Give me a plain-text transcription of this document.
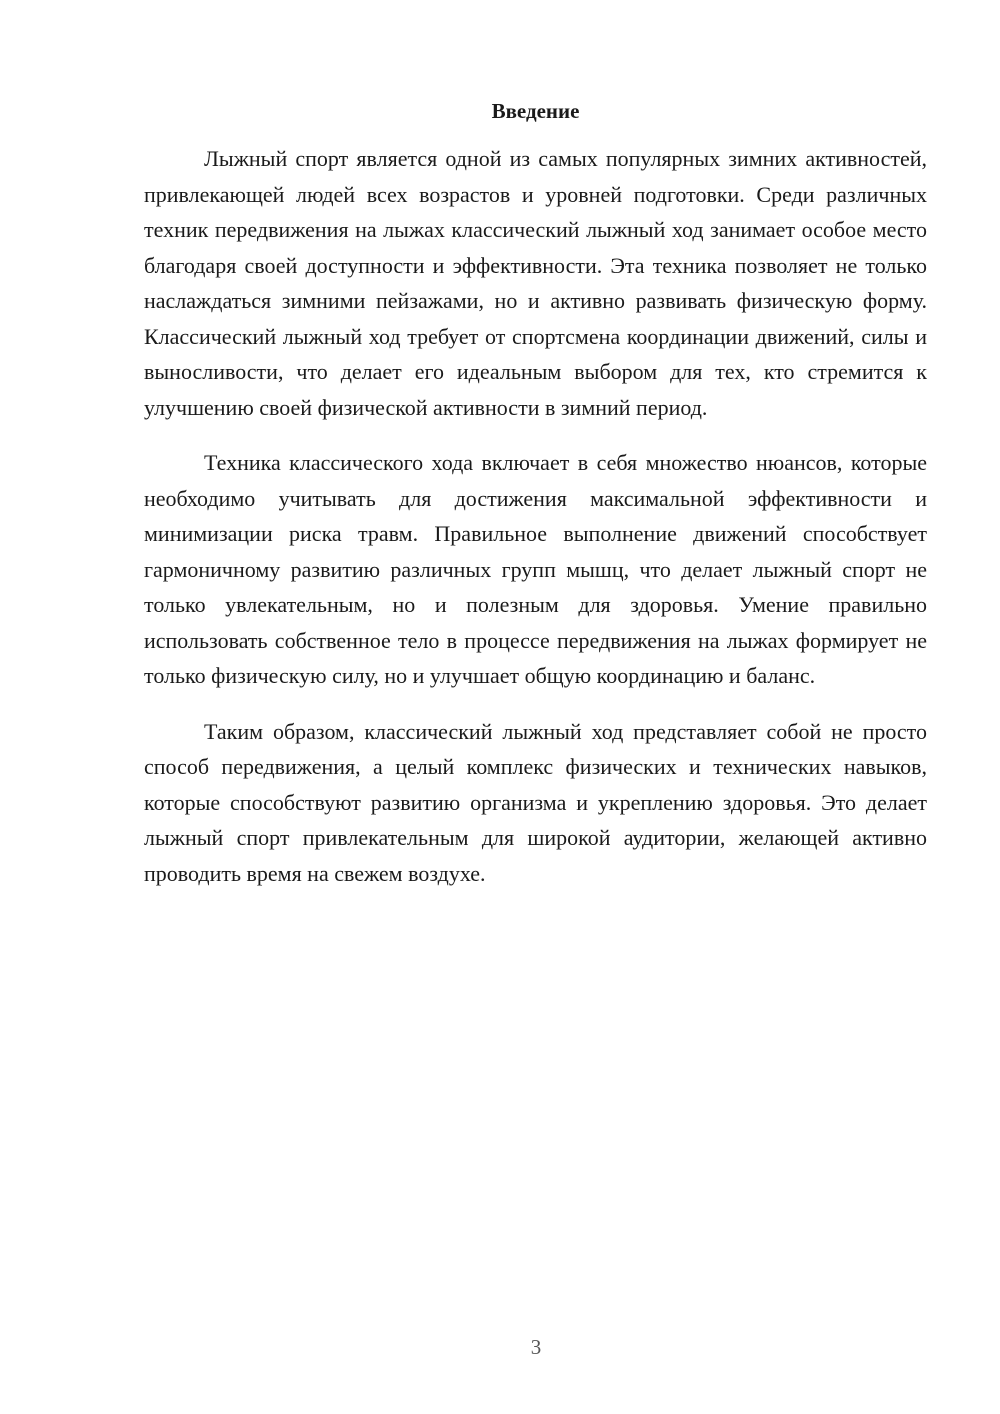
Введение

Лыжный спорт является одной из самых популярных зимних активностей, привлекающей людей всех возрастов и уровней подготовки. Среди различных техник передвижения на лыжах классический лыжный ход занимает особое место благодаря своей доступности и эффективности. Эта техника позволяет не только наслаждаться зимними пейзажами, но и активно развивать физическую форму. Классический лыжный ход требует от спортсмена координации движений, силы и выносливости, что делает его идеальным выбором для тех, кто стремится к улучшению своей физической активности в зимний период.

Техника классического хода включает в себя множество нюансов, которые необходимо учитывать для достижения максимальной эффективности и минимизации риска травм. Правильное выполнение движений способствует гармоничному развитию различных групп мышц, что делает лыжный спорт не только увлекательным, но и полезным для здоровья. Умение правильно использовать собственное тело в процессе передвижения на лыжах формирует не только физическую силу, но и улучшает общую координацию и баланс.

Таким образом, классический лыжный ход представляет собой не просто способ передвижения, а целый комплекс физических и технических навыков, которые способствуют развитию организма и укреплению здоровья. Это делает лыжный спорт привлекательным для широкой аудитории, желающей активно проводить время на свежем воздухе.

3
